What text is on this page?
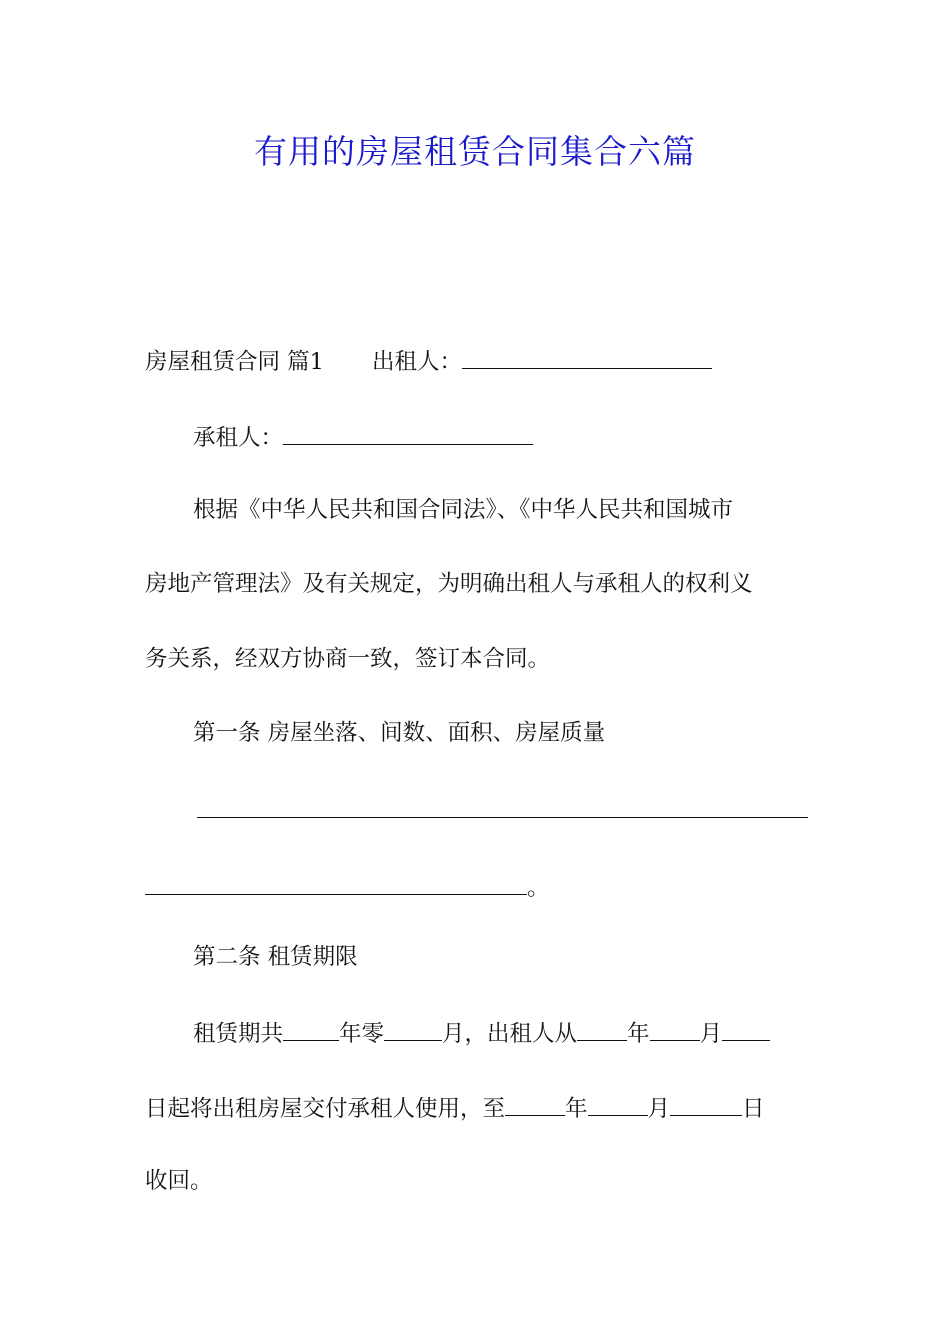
有用的房屋租赁合同集合六篇
房屋租赁合同 篇1 出租人：
承租人：
根据《中华人民共和国合同法》、《中华人民共和国城市
房地产管理法》及有关规定，为明确出租人与承租人的权利义
务关系，经双方协商一致，签订本合同。
第一条 房屋坐落、间数、面积、房屋质量
。
第二条 租赁期限
租赁期共 年零	月，出租人从 年 月
日起将出租房屋交付承租人使用，至	年	月	日
收回。
